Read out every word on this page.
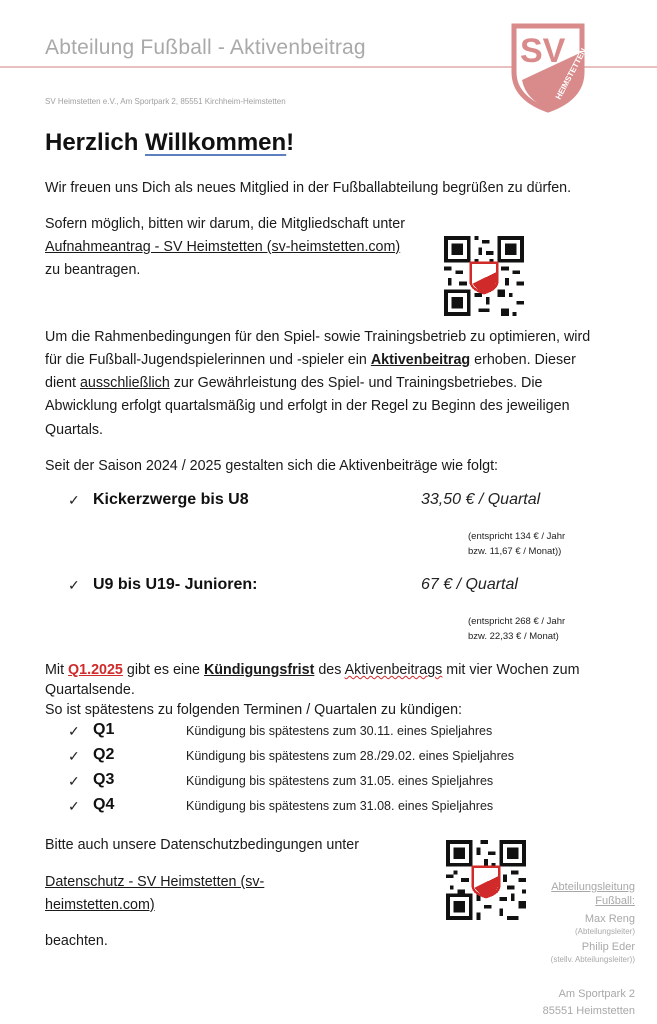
Abteilung Fußball - Aktivenbeitrag
SV Heimstetten e.V., Am Sportpark 2, 85551 Kirchheim-Heimstetten
SV
HEIMSTETTEN
Herzlich Willkommen!
Wir freuen uns Dich als neues Mitglied in der Fußballabteilung begrüßen zu dürfen.
Sofern möglich, bitten wir darum, die Mitgliedschaft unter
Aufnahmeantrag - SV Heimstetten (sv-heimstetten.com)
zu beantragen.
Um die Rahmenbedingungen für den Spiel- sowie Trainingsbetrieb zu optimieren, wird
für die Fußball-Jugendspielerinnen und -spieler ein Aktivenbeitrag erhoben. Dieser
dient ausschließlich zur Gewährleistung des Spiel- und Trainingsbetriebes. Die
Abwicklung erfolgt quartalsmäßig und erfolgt in der Regel zu Beginn des jeweiligen
Quartals.
Seit der Saison 2024 / 2025 gestalten sich die Aktivenbeiträge wie folgt:
✓ Kickerzwerge bis U8	33,50 € / Quartal
(entspricht 134 € / Jahr
bzw. 11,67 € / Monat))
✓ U9 bis U19- Junioren:	67 € / Quartal
(entspricht 268 € / Jahr
bzw. 22,33 € / Monat)
Mit Q1.2025 gibt es eine Kündigungsfrist des Aktivenbeitrags mit vier Wochen zum
Quartalsende.
So ist spätestens zu folgenden Terminen / Quartalen zu kündigen:
✓ Q1	Kündigung bis spätestens zum 30.11. eines Spieljahres
✓ Q2	Kündigung bis spätestens zum 28./29.02. eines Spieljahres
✓ Q3	Kündigung bis spätestens zum 31.05. eines Spieljahres
✓ Q4	Kündigung bis spätestens zum 31.08. eines Spieljahres
Bitte auch unsere Datenschutzbedingungen unter
Datenschutz - SV Heimstetten (sv-
heimstetten.com)
beachten.
Abteilungsleitung
Fußball:
Max Reng
(Abteilungsleiter)
Philip Eder
(stellv. Abteilungsleiter))
Am Sportpark 2
85551 Heimstetten
